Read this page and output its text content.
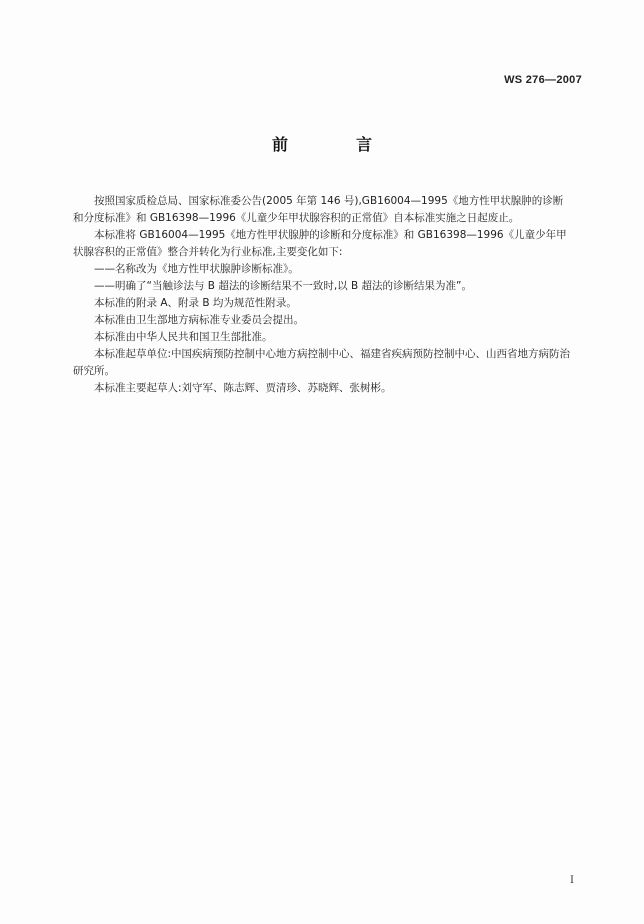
WS 276—2007
前　言

按照国家质检总局、国家标准委公告(2005 年第 146 号),GB16004—1995《地方性甲状腺肿的诊断和分度标准》和 GB16398—1996《儿童少年甲状腺容积的正常值》自本标准实施之日起废止。

本标准将 GB16004—1995《地方性甲状腺肿的诊断和分度标准》和 GB16398—1996《儿童少年甲状腺容积的正常值》整合并转化为行业标准,主要变化如下:

——名称改为《地方性甲状腺肿诊断标准》。

——明确了“当触诊法与 B 超法的诊断结果不一致时,以 B 超法的诊断结果为准”。

本标准的附录 A、附录 B 均为规范性附录。

本标准由卫生部地方病标准专业委员会提出。

本标准由中华人民共和国卫生部批准。

本标准起草单位:中国疾病预防控制中心地方病控制中心、福建省疾病预防控制中心、山西省地方病防治研究所。

本标准主要起草人:刘守军、陈志辉、贾清珍、苏晓辉、张树彬。

I
